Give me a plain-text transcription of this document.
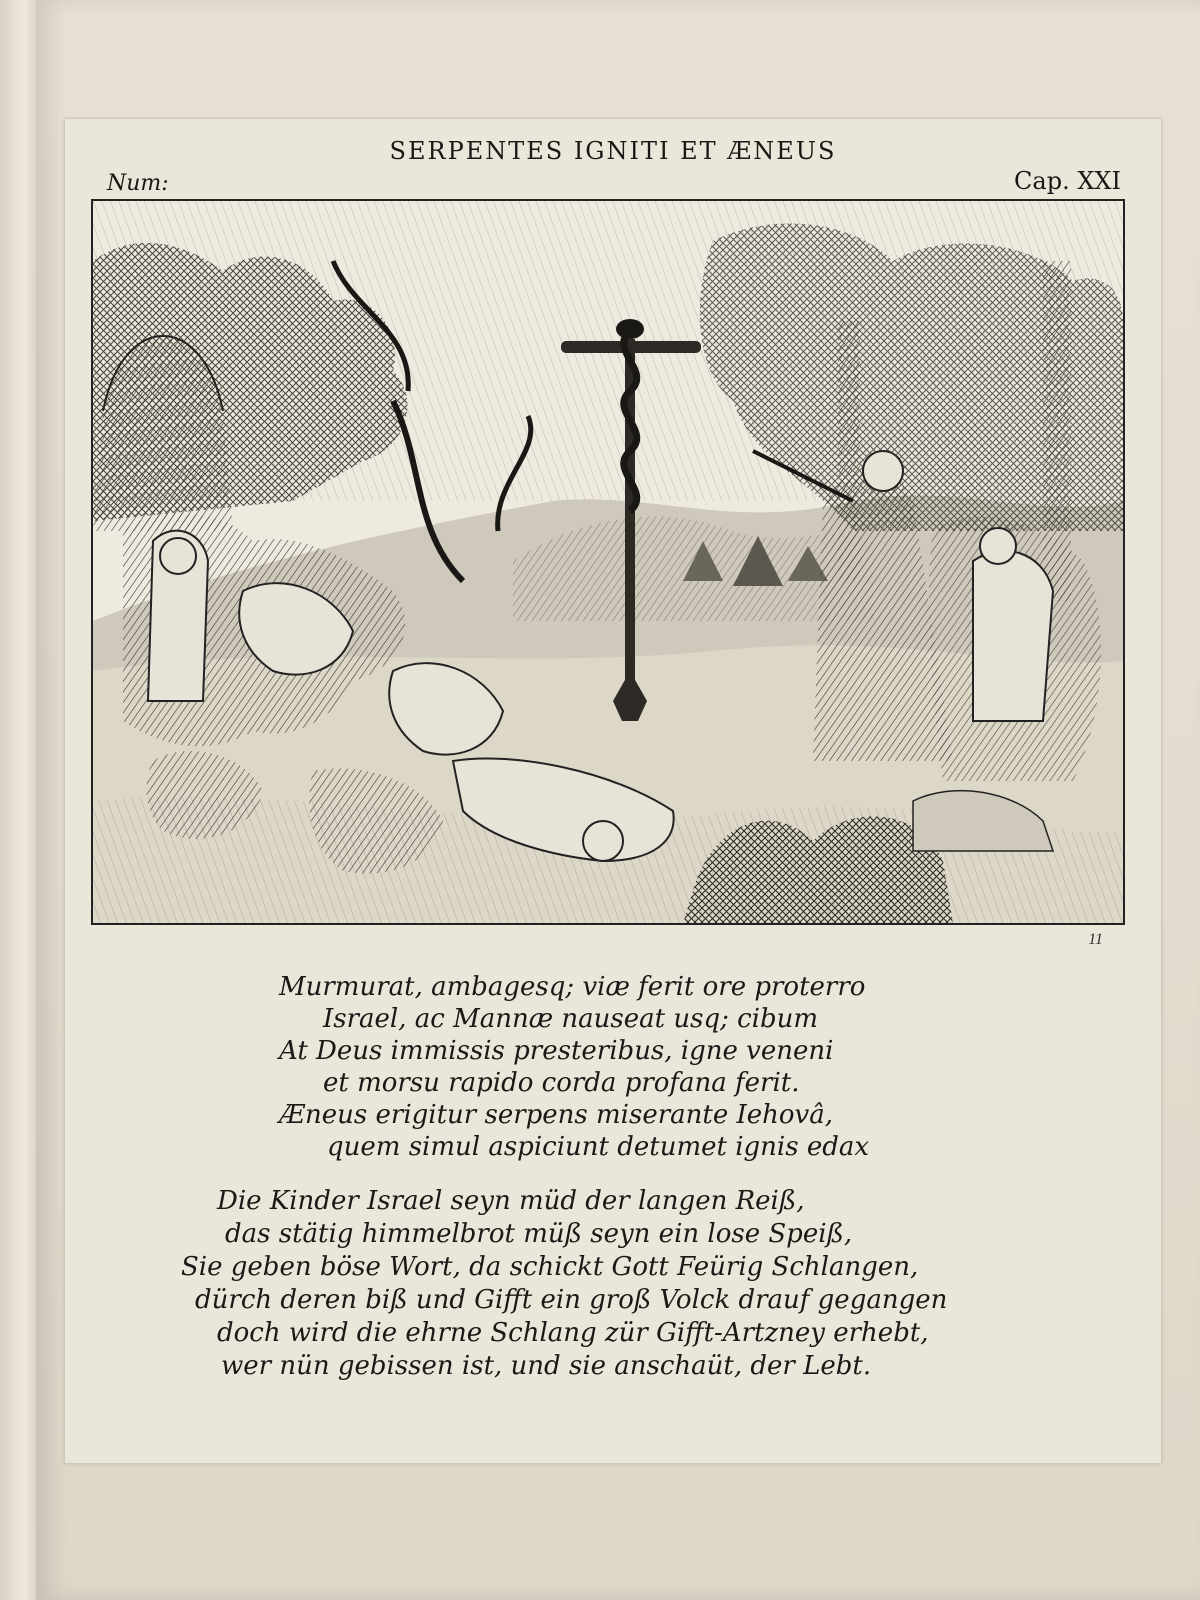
SERPENTES IGNITI ET ÆNEUS
Num:	Cap. XXI
11
Murmurat, ambagesq; viæ ferit ore proterro
Israel, ac Mannæ nauseat usq; cibum
At Deus immissis presteribus, igne veneni
et morsu rapido corda profana ferit.
Æneus erigitur serpens miserante Iehovâ,
quem simul aspiciunt detumet ignis edax
Die Kinder Israel seyn müd der langen Reiß,
das stätig himmelbrot müß seyn ein lose Speiß,
Sie geben böse Wort, da schickt Gott Feürig Schlangen,
dürch deren biß und Gifft ein groß Volck drauf gegangen
doch wird die ehrne Schlang zür Gifft-Artzney erhebt,
wer nün gebissen ist, und sie anschaüt, der Lebt.
